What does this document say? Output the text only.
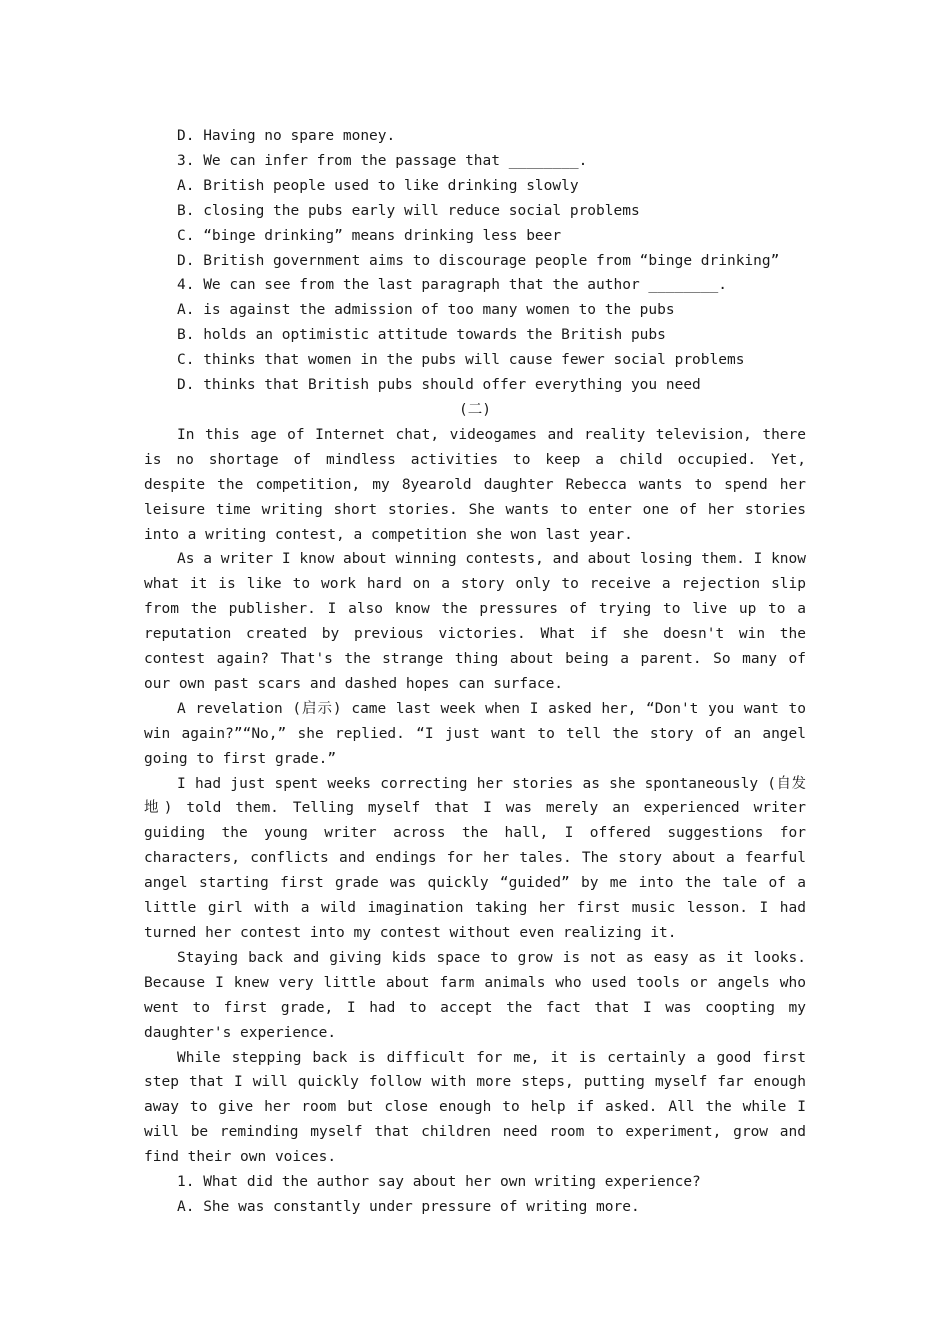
D. Having no spare money.

3. We can infer from the passage that ________.

A. British people used to like drinking slowly

B. closing the pubs early will reduce social problems

C. “binge drinking” means drinking less beer

D. British government aims to discourage people from “binge drinking”

4. We can see from the last paragraph that the author ________.

A. is against the admission of too many women to the pubs

B. holds an optimistic attitude towards the British pubs

C. thinks that women in the pubs will cause fewer social problems

D. thinks that British pubs should offer everything you need

(二)

In this age of Internet chat, videogames and reality television, there is no shortage of mindless activities to keep a child occupied. Yet, despite the competition, my 8yearold daughter Rebecca wants to spend her leisure time writing short stories. She wants to enter one of her stories into a writing contest, a competition she won last year.

As a writer I know about winning contests, and about losing them. I know what it is like to work hard on a story only to receive a rejection slip from the publisher. I also know the pressures of trying to live up to a reputation created by previous victories. What if she doesn't win the contest again? That's the strange thing about being a parent. So many of our own past scars and dashed hopes can surface.

A revelation (启示) came last week when I asked her, “Don't you want to win again?”“No,” she replied. “I just want to tell the story of an angel going to first grade.”

I had just spent weeks correcting her stories as she spontaneously (自发地) told them. Telling myself that I was merely an experienced writer guiding the young writer across the hall, I offered suggestions for characters, conflicts and endings for her tales. The story about a fearful angel starting first grade was quickly “guided” by me into the tale of a little girl with a wild imagination taking her first music lesson. I had turned her contest into my contest without even realizing it.

Staying back and giving kids space to grow is not as easy as it looks. Because I knew very little about farm animals who used tools or angels who went to first grade, I had to accept the fact that I was coopting my daughter's experience.

While stepping back is difficult for me, it is certainly a good first step that I will quickly follow with more steps, putting myself far enough away to give her room but close enough to help if asked. All the while I will be reminding myself that children need room to experiment, grow and find their own voices.

1. What did the author say about her own writing experience?

A. She was constantly under pressure of writing more.
